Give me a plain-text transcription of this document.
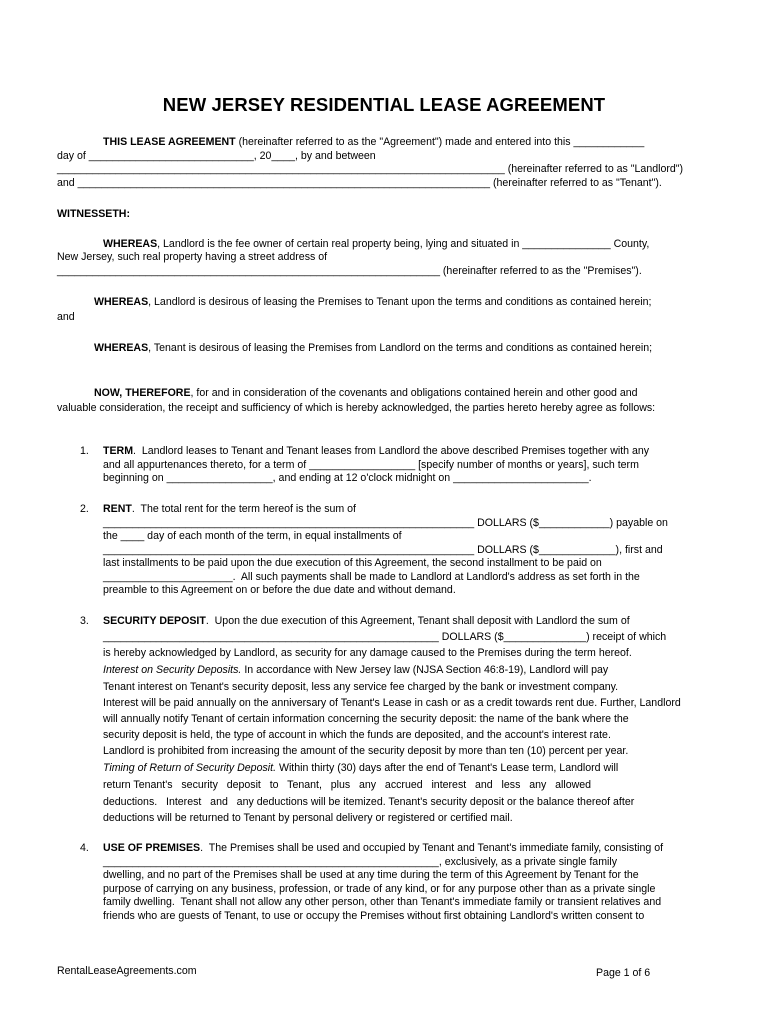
NEW JERSEY RESIDENTIAL LEASE AGREEMENT
THIS LEASE AGREEMENT (hereinafter referred to as the "Agreement") made and entered into this ____________
day of ____________________________, 20____, by and between
____________________________________________________________________________ (hereinafter referred to as "Landlord")
and ______________________________________________________________________ (hereinafter referred to as "Tenant").
WITNESSETH:
WHEREAS, Landlord is the fee owner of certain real property being, lying and situated in _______________ County,
New Jersey, such real property having a street address of
_________________________________________________________________ (hereinafter referred to as the "Premises").
WHEREAS, Landlord is desirous of leasing the Premises to Tenant upon the terms and conditions as contained herein;
and
WHEREAS, Tenant is desirous of leasing the Premises from Landlord on the terms and conditions as contained herein;
NOW, THEREFORE, for and in consideration of the covenants and obligations contained herein and other good and
valuable consideration, the receipt and sufficiency of which is hereby acknowledged, the parties hereto hereby agree as follows:
1. TERM.  Landlord leases to Tenant and Tenant leases from Landlord the above described Premises together with any
and all appurtenances thereto, for a term of __________________ [specify number of months or years], such term
beginning on __________________, and ending at 12 o'clock midnight on _______________________.
2. RENT.  The total rent for the term hereof is the sum of
_______________________________________________________________ DOLLARS ($____________) payable on
the ____ day of each month of the term, in equal installments of
_______________________________________________________________ DOLLARS ($_____________), first and
last installments to be paid upon the due execution of this Agreement, the second installment to be paid on
______________________.  All such payments shall be made to Landlord at Landlord's address as set forth in the
preamble to this Agreement on or before the due date and without demand.
3. SECURITY DEPOSIT.  Upon the due execution of this Agreement, Tenant shall deposit with Landlord the sum of
_________________________________________________________ DOLLARS ($______________) receipt of which
is hereby acknowledged by Landlord, as security for any damage caused to the Premises during the term hereof.
Interest on Security Deposits. In accordance with New Jersey law (NJSA Section 46:8-19), Landlord will pay
Tenant interest on Tenant's security deposit, less any service fee charged by the bank or investment company.
Interest will be paid annually on the anniversary of Tenant's Lease in cash or as a credit towards rent due. Further, Landlord
will annually notify Tenant of certain information concerning the security deposit: the name of the bank where the
security deposit is held, the type of account in which the funds are deposited, and the account's interest rate.
Landlord is prohibited from increasing the amount of the security deposit by more than ten (10) percent per year.
Timing of Return of Security Deposit. Within thirty (30) days after the end of Tenant's Lease term, Landlord will
return Tenant's   security   deposit   to   Tenant,   plus   any   accrued   interest   and   less   any   allowed
deductions.   Interest   and   any deductions will be itemized. Tenant's security deposit or the balance thereof after
deductions will be returned to Tenant by personal delivery or registered or certified mail.
4. USE OF PREMISES.  The Premises shall be used and occupied by Tenant and Tenant's immediate family, consisting of
_________________________________________________________, exclusively, as a private single family
dwelling, and no part of the Premises shall be used at any time during the term of this Agreement by Tenant for the
purpose of carrying on any business, profession, or trade of any kind, or for any purpose other than as a private single
family dwelling.  Tenant shall not allow any other person, other than Tenant's immediate family or transient relatives and
friends who are guests of Tenant, to use or occupy the Premises without first obtaining Landlord's written consent to
RentalLeaseAgreements.com	Page 1 of 6
